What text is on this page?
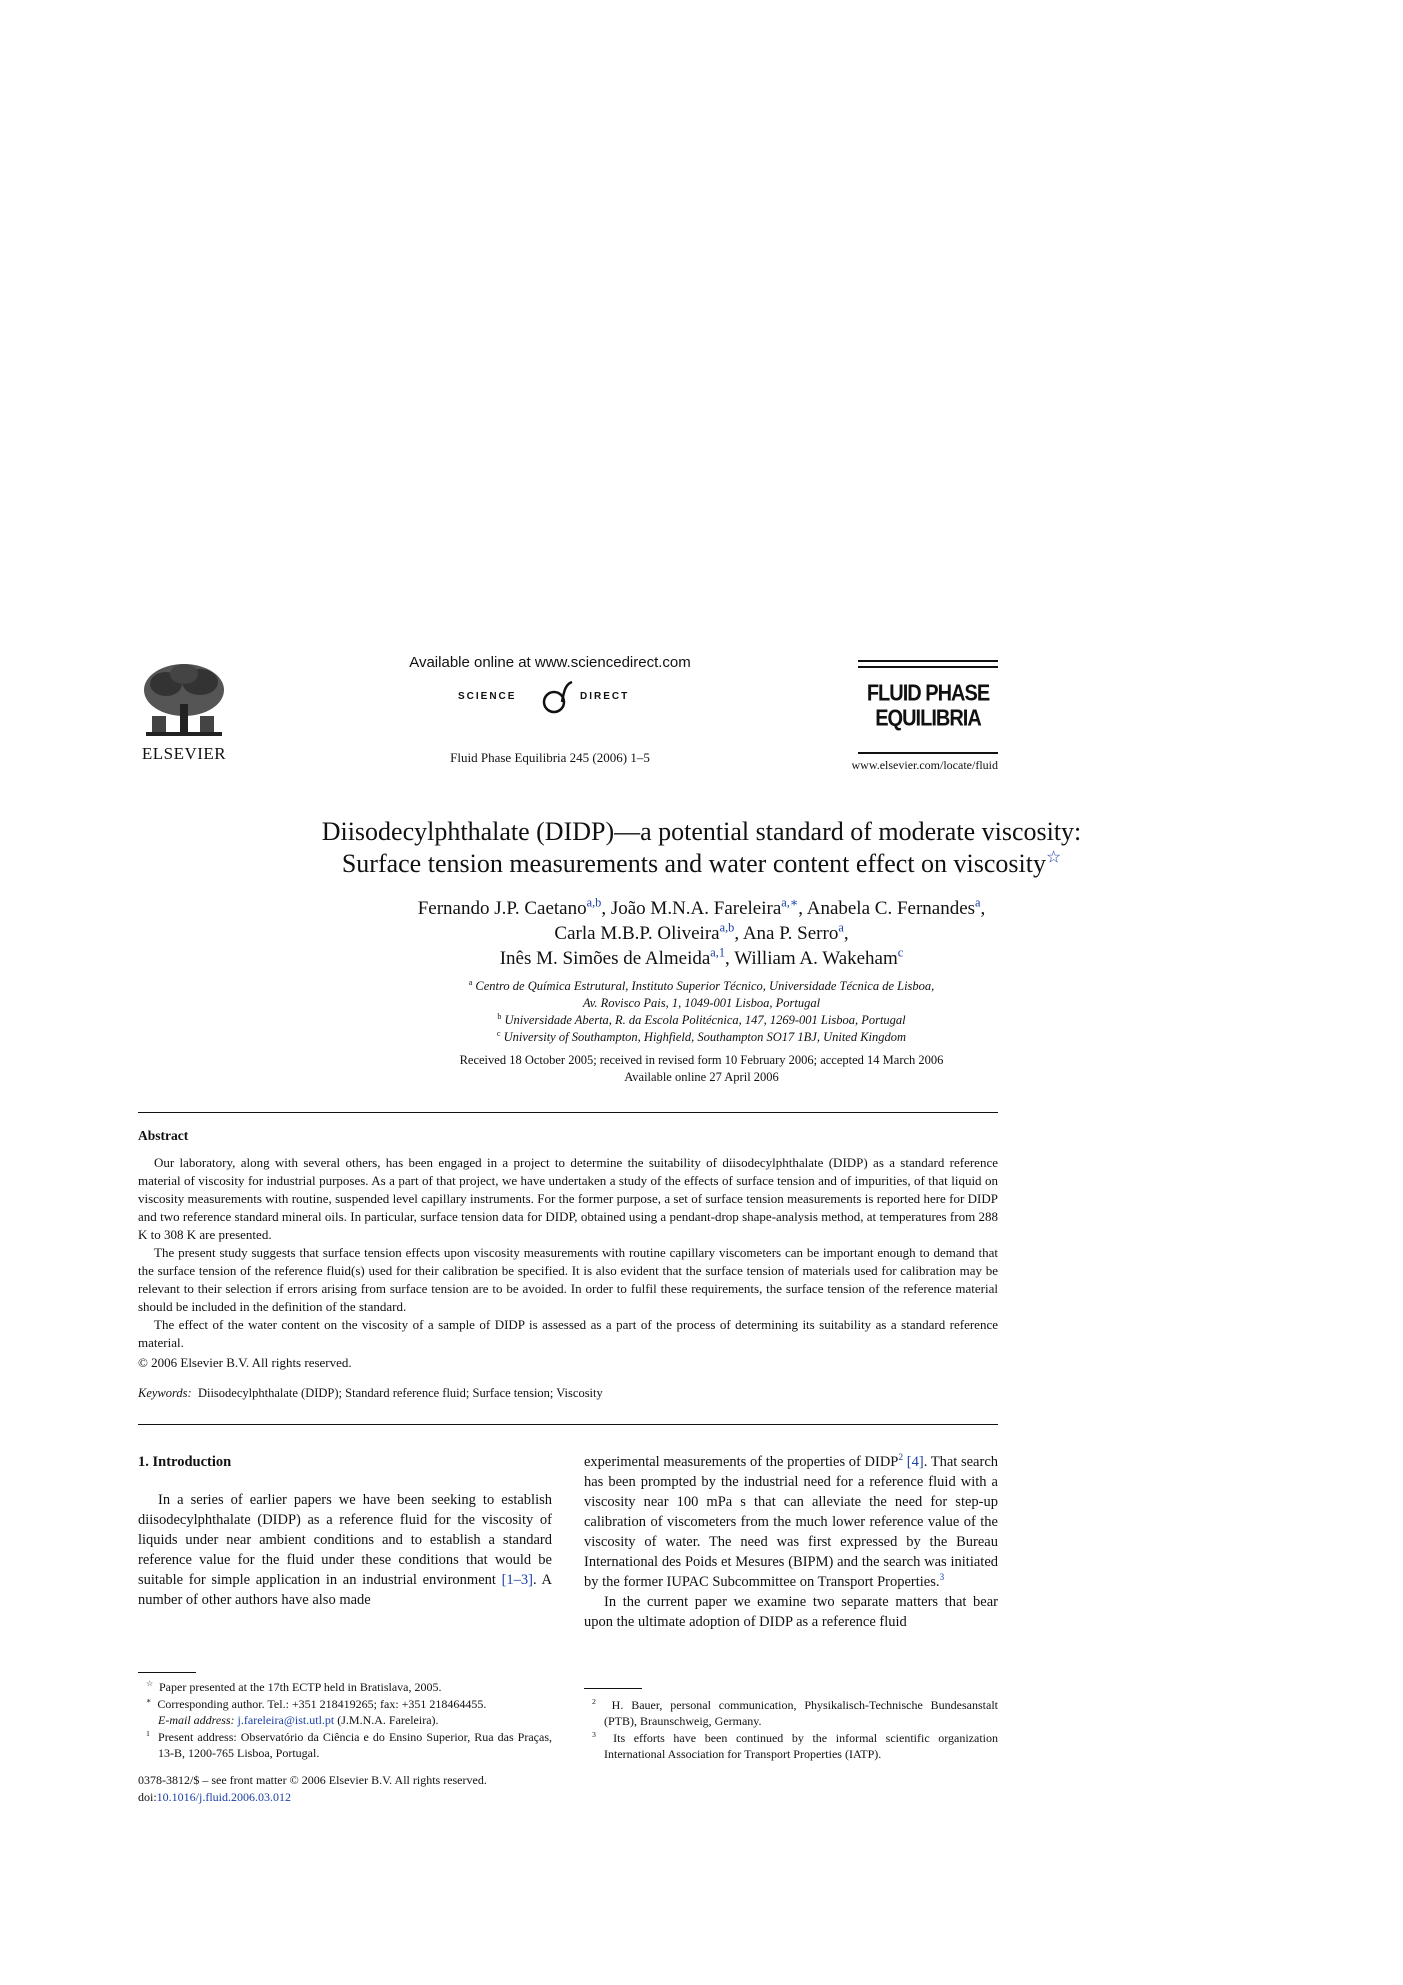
ELSEVIER
Available online at www.sciencedirect.com
SCIENCE	DIRECT
Fluid Phase Equilibria 245 (2006) 1–5
FLUID PHASE
EQUILIBRIA
www.elsevier.com/locate/fluid
Diisodecylphthalate (DIDP)—a potential standard of moderate viscosity:
Surface tension measurements and water content effect on viscosity☆
Fernando J.P. Caetano$^{a,b}$, João M.N.A. Fareleira$^{a,∗}$, Anabela C. Fernandes$^a$,
Carla M.B.P. Oliveira$^{a,b}$, Ana P. Serro$^a$,
Inês M. Simões de Almeida$^{a,1}$, William A. Wakeham$^c$
$^a$ Centro de Química Estrutural, Instituto Superior Técnico, Universidade Técnica de Lisboa,
Av. Rovisco Pais, 1, 1049-001 Lisboa, Portugal
$^b$ Universidade Aberta, R. da Escola Politécnica, 147, 1269-001 Lisboa, Portugal
$^c$ University of Southampton, Highfield, Southampton SO17 1BJ, United Kingdom
Received 18 October 2005; received in revised form 10 February 2006; accepted 14 March 2006
Available online 27 April 2006
Abstract

Our laboratory, along with several others, has been engaged in a project to determine the suitability of diisodecylphthalate (DIDP) as a standard reference material of viscosity for industrial purposes. As a part of that project, we have undertaken a study of the effects of surface tension and of impurities, of that liquid on viscosity measurements with routine, suspended level capillary instruments. For the former purpose, a set of surface tension measurements is reported here for DIDP and two reference standard mineral oils. In particular, surface tension data for DIDP, obtained using a pendant-drop shape-analysis method, at temperatures from 288 K to 308 K are presented.

The present study suggests that surface tension effects upon viscosity measurements with routine capillary viscometers can be important enough to demand that the surface tension of the reference fluid(s) used for their calibration be specified. It is also evident that the surface tension of materials used for calibration may be relevant to their selection if errors arising from surface tension are to be avoided. In order to fulfil these requirements, the surface tension of the reference material should be included in the definition of the standard.

The effect of the water content on the viscosity of a sample of DIDP is assessed as a part of the process of determining its suitability as a standard reference material.

© 2006 Elsevier B.V. All rights reserved.
Keywords: Diisodecylphthalate (DIDP); Standard reference fluid; Surface tension; Viscosity
1. Introduction

In a series of earlier papers we have been seeking to establish diisodecylphthalate (DIDP) as a reference fluid for the viscosity of liquids under near ambient conditions and to establish a standard reference value for the fluid under these conditions that would be suitable for simple application in an industrial environment [1–3]. A number of other authors have also made

experimental measurements of the properties of DIDP$^2$ [4]. That search has been prompted by the industrial need for a reference fluid with a viscosity near 100 mPa s that can alleviate the need for step-up calibration of viscometers from the much lower reference value of the viscosity of water. The need was first expressed by the Bureau International des Poids et Mesures (BIPM) and the search was initiated by the former IUPAC Subcommittee on Transport Properties.$^3$

In the current paper we examine two separate matters that bear upon the ultimate adoption of DIDP as a reference fluid

☆ Paper presented at the 17th ECTP held in Bratislava, 2005.

∗ Corresponding author. Tel.: +351 218419265; fax: +351 218464455.
E-mail address: j.fareleira@ist.utl.pt (J.M.N.A. Fareleira).

$^1$ Present address: Observatório da Ciência e do Ensino Superior, Rua das Praças, 13-B, 1200-765 Lisboa, Portugal.

$^2$ H. Bauer, personal communication, Physikalisch-Technische Bundesanstalt (PTB), Braunschweig, Germany.

$^3$ Its efforts have been continued by the informal scientific organization International Association for Transport Properties (IATP).

0378-3812/$ – see front matter © 2006 Elsevier B.V. All rights reserved.
doi:10.1016/j.fluid.2006.03.012
